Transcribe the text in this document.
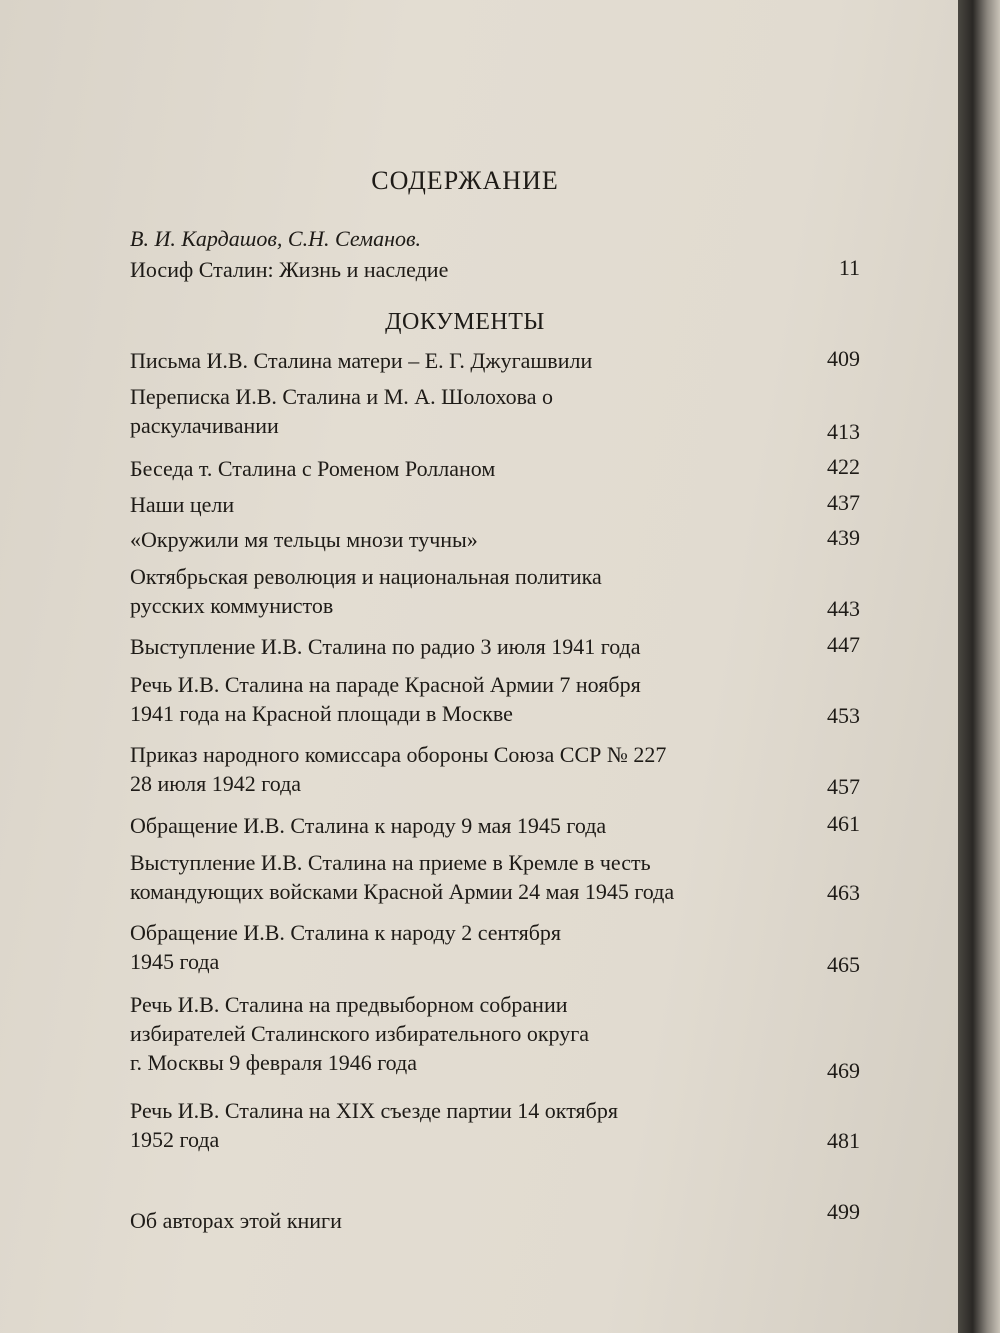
СОДЕРЖАНИЕ
В. И. Кардашов, С.Н. Семанов.
Иосиф Сталин: Жизнь и наследие	11
ДОКУМЕНТЫ
Письма И.В. Сталина матери – Е. Г. Джугашвили	409
Переписка И.В. Сталина и М. А. Шолохова о
раскулачивании	413
Беседа т. Сталина с Роменом Ролланом	422
Наши цели	437
«Окружили мя тельцы мнози тучны»	439
Октябрьская революция и национальная политика
русских коммунистов	443
Выступление И.В. Сталина по радио 3 июля 1941 года	447
Речь И.В. Сталина на параде Красной Армии 7 ноября
1941 года на Красной площади в Москве	453
Приказ народного комиссара обороны Союза ССР № 227
28 июля 1942 года	457
Обращение И.В. Сталина к народу 9 мая 1945 года	461
Выступление И.В. Сталина на приеме в Кремле в честь
командующих войсками Красной Армии 24 мая 1945 года	463
Обращение И.В. Сталина к народу 2 сентября
1945 года	465
Речь И.В. Сталина на предвыборном собрании
избирателей Сталинского избирательного округа
г. Москвы 9 февраля 1946 года	469
Речь И.В. Сталина на XIX съезде партии 14 октября
1952 года	481
Об авторах этой книги	499
